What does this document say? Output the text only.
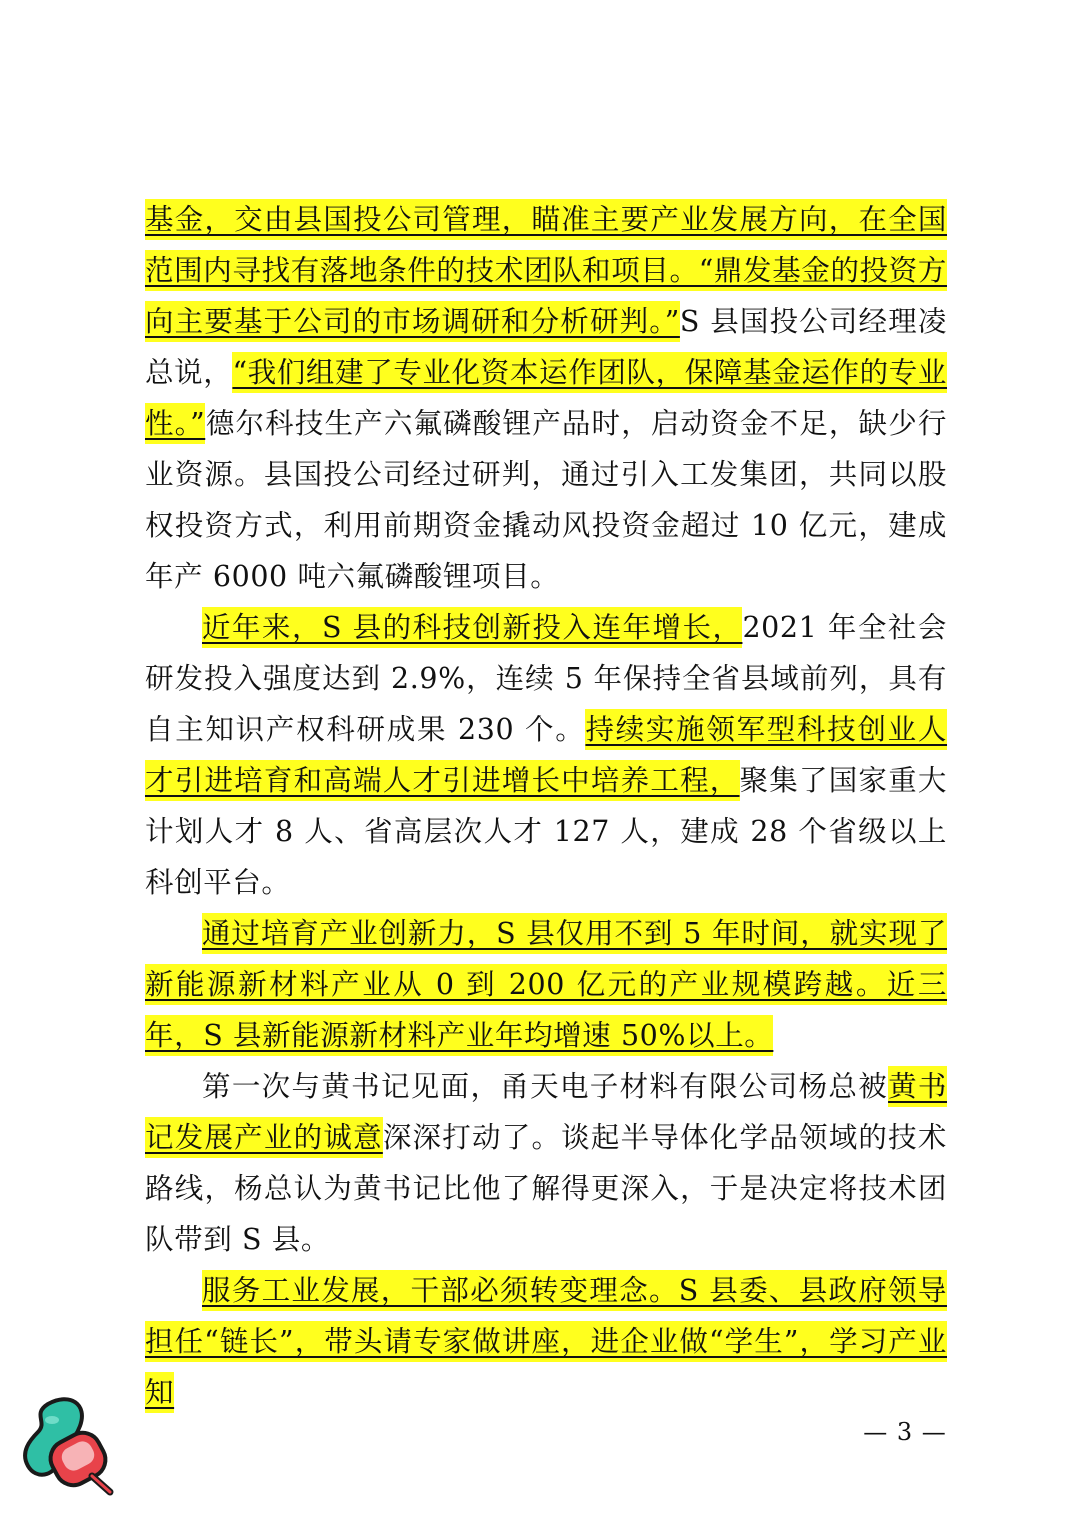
基金，交由县国投公司管理，瞄准主要产业发展方向，在全国范围内寻找有落地条件的技术团队和项目。“鼎发基金的投资方向主要基于公司的市场调研和分析研判。”S 县国投公司经理凌总说，“我们组建了专业化资本运作团队，保障基金运作的专业性。”德尔科技生产六氟磷酸锂产品时，启动资金不足，缺少行业资源。县国投公司经过研判，通过引入工发集团，共同以股权投资方式，利用前期资金撬动风投资金超过 10 亿元，建成年产 6000 吨六氟磷酸锂项目。

近年来，S 县的科技创新投入连年增长，2021 年全社会研发投入强度达到 2.9%，连续 5 年保持全省县域前列，具有自主知识产权科研成果 230 个。持续实施领军型科技创业人才引进培育和高端人才引进增长中培养工程，聚集了国家重大计划人才 8 人、省高层次人才 127 人，建成 28 个省级以上科创平台。

通过培育产业创新力，S 县仅用不到 5 年时间，就实现了新能源新材料产业从 0 到 200 亿元的产业规模跨越。近三年，S 县新能源新材料产业年均增速 50%以上。

第一次与黄书记见面，甬天电子材料有限公司杨总被黄书记发展产业的诚意深深打动了。谈起半导体化学品领域的技术路线，杨总认为黄书记比他了解得更深入，于是决定将技术团队带到 S 县。

服务工业发展，干部必须转变理念。S 县委、县政府领导担任“链长”，带头请专家做讲座，进企业做“学生”，学习产业知

— 3 —
